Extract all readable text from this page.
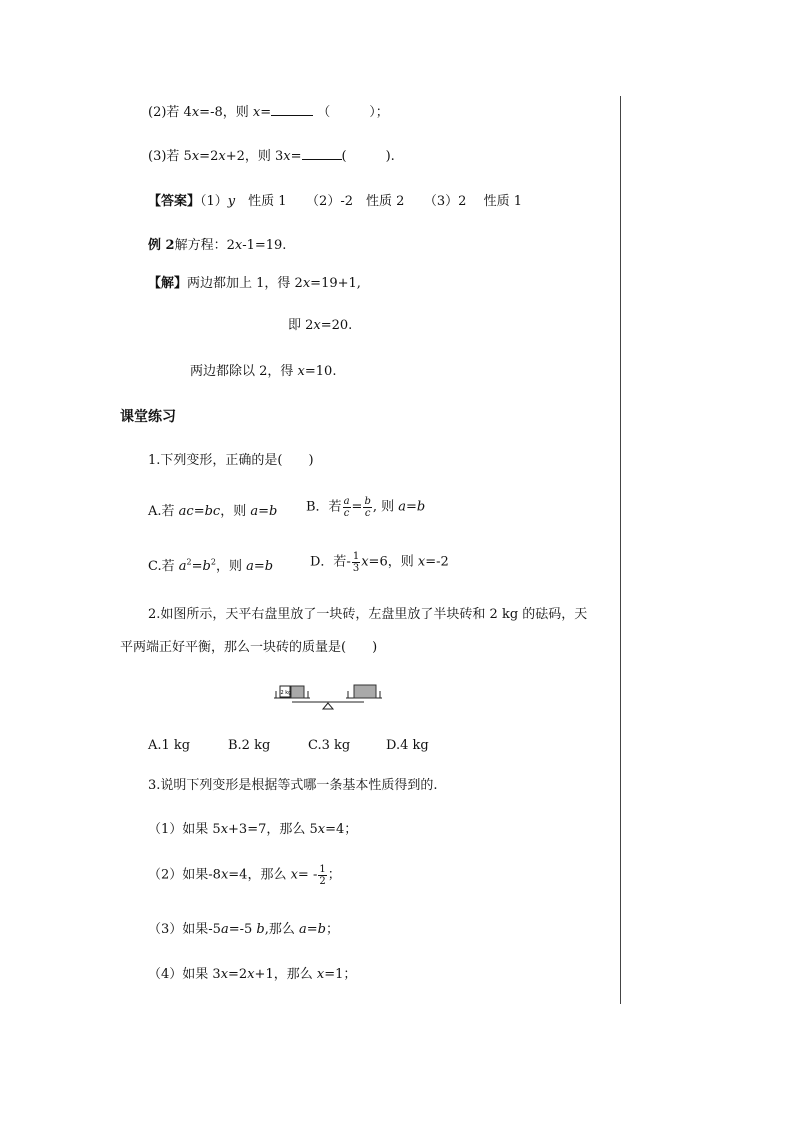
(2)若 4x=-8，则 x=	（　　　）；
(3)若 5x=2x+2，则 3x=	(　　　).
【答案】（1）y　性质 1　　（2）-2　性质 2　　（3）2　 性质 1
例 2解方程：2x-1=19.
【解】两边都加上 1，得 2x=19+1,
即 2x=20.
两边都除以 2，得 x=10.
课堂练习
1.下列变形，正确的是(　　)
A.若 ac=bc，则 a=b B．若 $\frac{a}{c} = \frac{b}{c}$ , 则 a=b
C.若 $a^2=b^2$，则 a=b	D．若- $\frac{1}{3} x=6$，则 x=-2
2.如图所示，天平右盘里放了一块砖，左盘里放了半块砖和 2 kg 的砝码，天
平两端正好平衡，那么一块砖的质量是(　　)
2 kg
A.1 kg	B.2 kg	C.3 kg	D.4 kg
3.说明下列变形是根据等式哪一条基本性质得到的.
（1）如果 5x+3=7，那么 5x=4；
（2）如果-8x=4，那么 $x= - \frac{1}{2}$ ；
（3）如果-5a=-5 b,那么 a=b；
（4）如果 3x=2x+1，那么 x=1；
